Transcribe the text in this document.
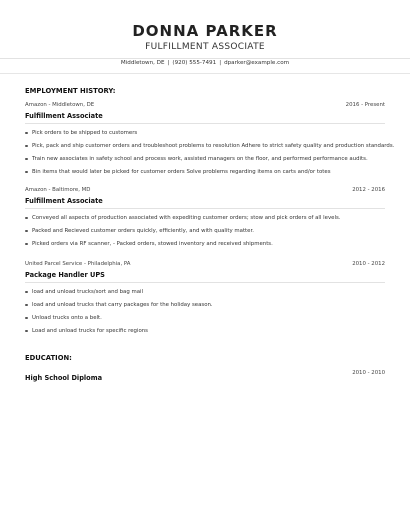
DONNA PARKER
FULFILLMENT ASSOCIATE
Middletown, DE | (920) 555-7491 | dparker@example.com
EMPLOYMENT HISTORY:
Amazon - Middletown, DE	2016 - Present
Fulfillment Associate
Pick orders to be shipped to customers
Pick, pack and ship customer orders and troubleshoot problems to resolution Adhere to strict safety quality and production standards.
Train new associates in safety school and process work, assisted managers on the floor, and performed performance audits.
Bin items that would later be picked for customer orders Solve problems regarding items on carts and/or totes
Amazon - Baltimore, MD	2012 - 2016
Fulfillment Associate
Conveyed all aspects of production associated with expediting customer orders; stow and pick orders of all levels.
Packed and Recieved customer orders quickly, efficiently, and with quality matter.
Picked orders via RF scanner, - Packed orders, stowed inventory and received shipments.
United Parcel Service - Philadelphia, PA	2010 - 2012
Package Handler UPS
load and unload trucks/sort and bag mail
load and unload trucks that carry packages for the holiday season.
Unload trucks onto a belt.
Load and unload trucks for specific regions
EDUCATION:
2010 - 2010
High School Diploma
